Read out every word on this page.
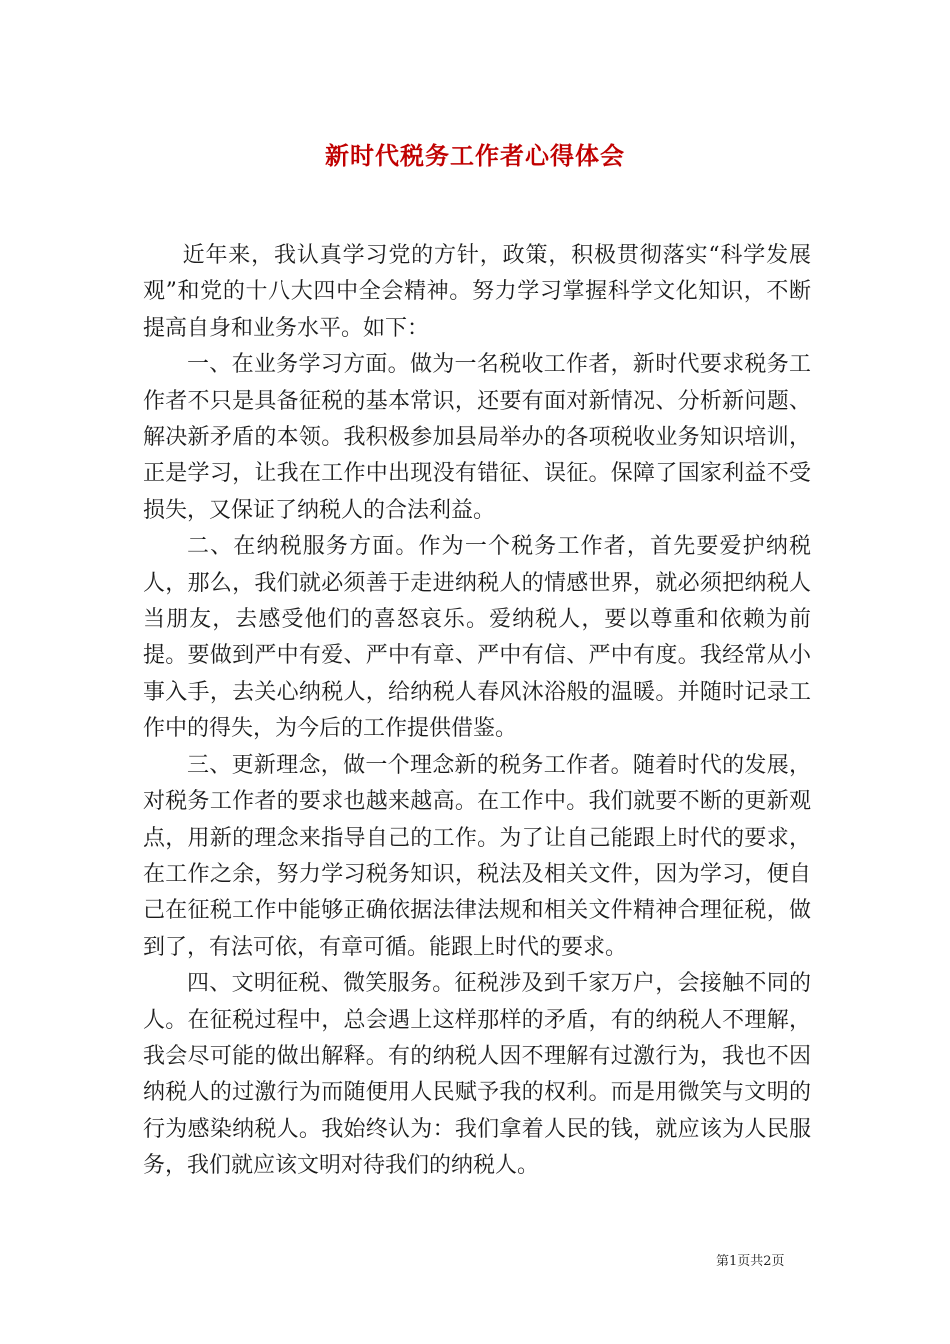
新时代税务工作者心得体会

近年来，我认真学习党的方针，政策，积极贯彻落实“科学发展观”和党的十八大四中全会精神。努力学习掌握科学文化知识，不断提高自身和业务水平。如下：

一、在业务学习方面。做为一名税收工作者，新时代要求税务工作者不只是具备征税的基本常识，还要有面对新情况、分析新问题、解决新矛盾的本领。我积极参加县局举办的各项税收业务知识培训，正是学习，让我在工作中出现没有错征、误征。保障了国家利益不受损失，又保证了纳税人的合法利益。

二、在纳税服务方面。作为一个税务工作者，首先要爱护纳税人，那么，我们就必须善于走进纳税人的情感世界，就必须把纳税人当朋友，去感受他们的喜怒哀乐。爱纳税人，要以尊重和依赖为前提。要做到严中有爱、严中有章、严中有信、严中有度。我经常从小事入手，去关心纳税人，给纳税人春风沐浴般的温暖。并随时记录工作中的得失，为今后的工作提供借鉴。

三、更新理念，做一个理念新的税务工作者。随着时代的发展，对税务工作者的要求也越来越高。在工作中。我们就要不断的更新观点，用新的理念来指导自己的工作。为了让自己能跟上时代的要求，在工作之余，努力学习税务知识，税法及相关文件，因为学习，便自己在征税工作中能够正确依据法律法规和相关文件精神合理征税，做到了，有法可依，有章可循。能跟上时代的要求。

四、文明征税、微笑服务。征税涉及到千家万户，会接触不同的人。在征税过程中，总会遇上这样那样的矛盾，有的纳税人不理解，我会尽可能的做出解释。有的纳税人因不理解有过激行为，我也不因纳税人的过激行为而随便用人民赋予我的权利。而是用微笑与文明的行为感染纳税人。我始终认为：我们拿着人民的钱，就应该为人民服务，我们就应该文明对待我们的纳税人。

第1页共2页
